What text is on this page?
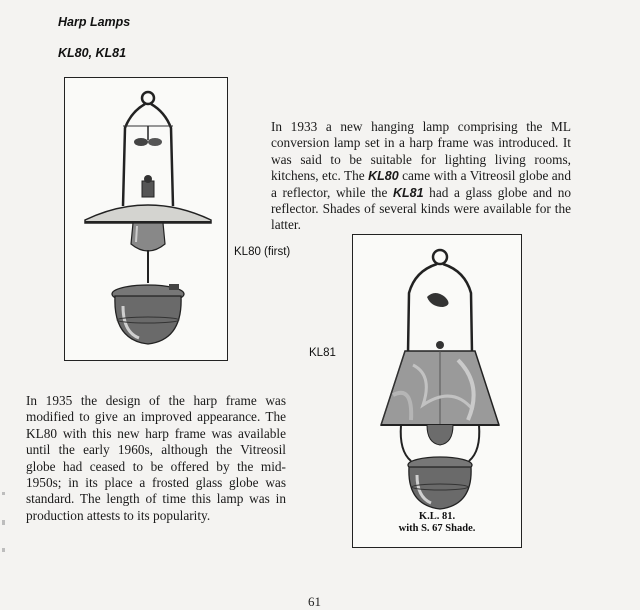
Harp Lamps
KL80, KL81

In 1933 a new hanging lamp comprising the ML conversion lamp set in a harp frame was introduced. It was said to be suitable for lighting living rooms, kitchens, etc. The KL80 came with a Vitreosil globe and a reflector, while the KL81 had a glass globe and no reflector. Shades of several kinds were available for the latter.

In 1935 the design of the harp frame was modified to give an improved appearance. The KL80 with this new harp frame was available until the early 1960s, although the Vitreosil globe had ceased to be offered by the mid-1950s; in its place a frosted glass globe was standard. The length of time this lamp was in production attests to its popularity.

KL80 (first)
KL81
K.L. 81.
with S. 67 Shade.
61
